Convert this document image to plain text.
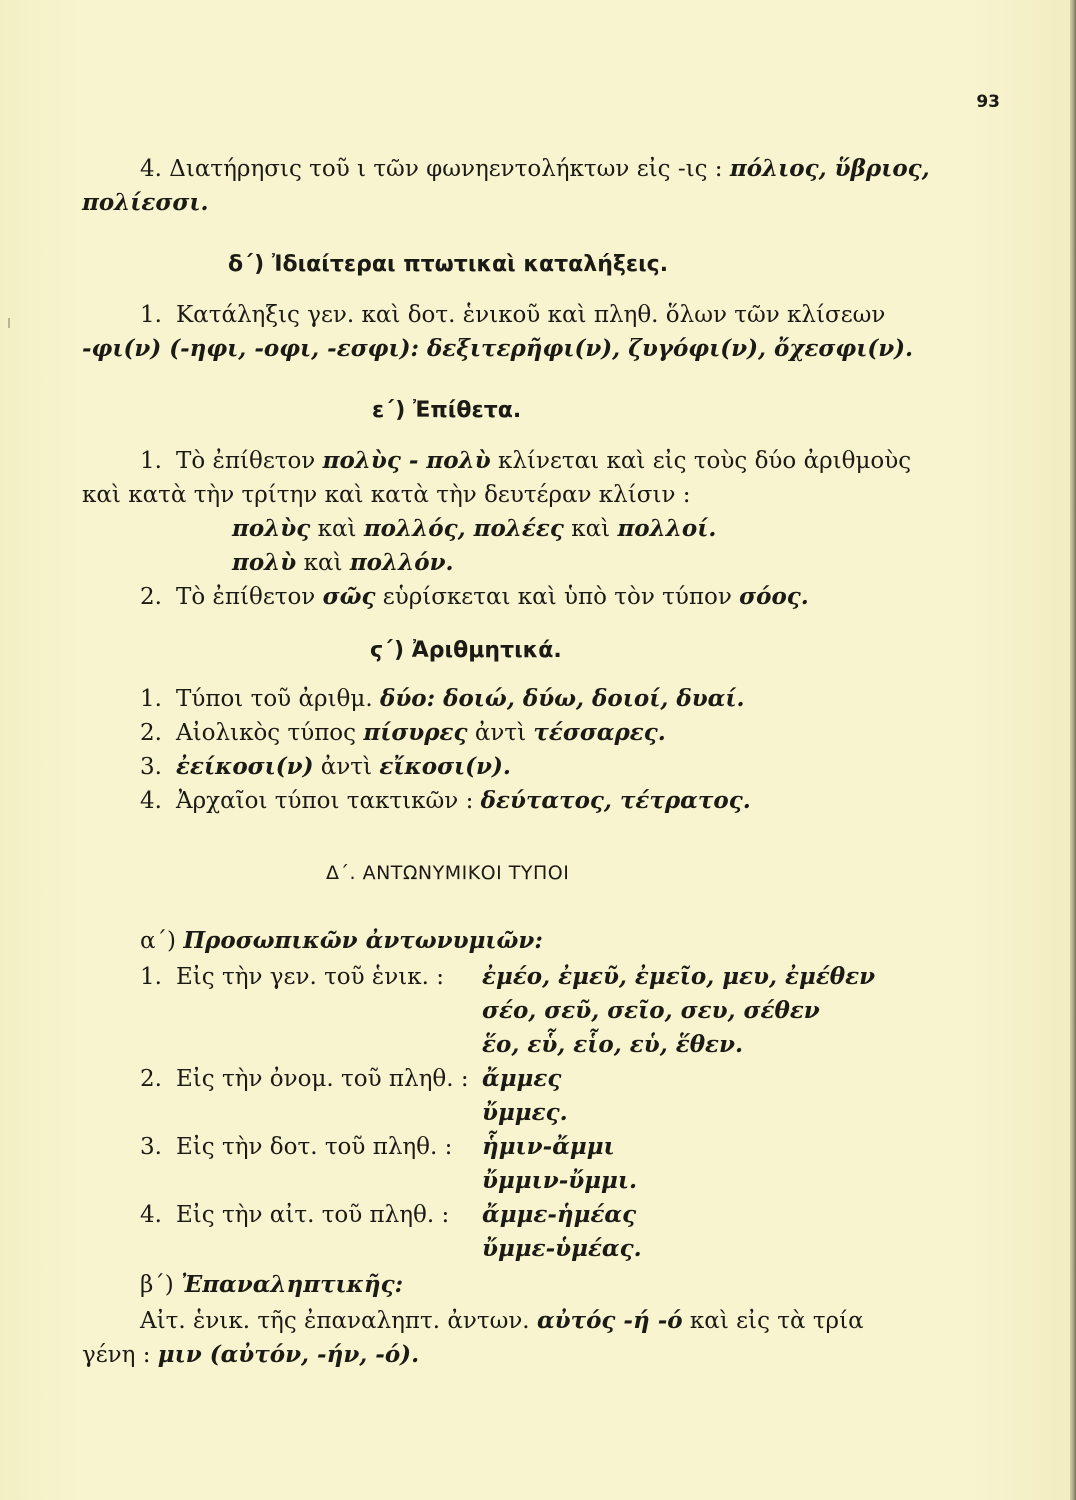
93
4. Διατήρησις τοῦ ι τῶν φωνηεντολήκτων εἰς -ις : πόλιος, ὕβριος,
πολίεσσι.
δ´) Ἰδιαίτεραι πτωτικαὶ καταλήξεις.
1. Κατάληξις γεν. καὶ δοτ. ἑνικοῦ καὶ πληθ. ὅλων τῶν κλίσεων
-φι(ν) (-ηφι, -οφι, -εσφι): δεξιτερῆφι(ν), ζυγόφι(ν), ὄχεσφι(ν).
ε´) Ἐπίθετα.
1. Τὸ ἐπίθετον πολὺς - πολὺ κλίνεται καὶ εἰς τοὺς δύο ἀριθμοὺς
καὶ κατὰ τὴν τρίτην καὶ κατὰ τὴν δευτέραν κλίσιν :
πολὺς καὶ πολλός, πολέες καὶ πολλοί.
πολὺ καὶ πολλόν.
2. Τὸ ἐπίθετον σῶς εὑρίσκεται καὶ ὑπὸ τὸν τύπον σόος.
ϛ´) Ἀριθμητικά.
1. Τύποι τοῦ ἀριθμ. δύο: δοιώ, δύω, δοιοί, δυαί.
2. Αἰολικὸς τύπος πίσυρες ἀντὶ τέσσαρες.
3. ἐείκοσι(ν) ἀντὶ εἴκοσι(ν).
4. Ἀρχαῖοι τύποι τακτικῶν : δεύτατος, τέτρατος.
Δ´. ΑΝΤΩΝΥΜΙΚΟΙ ΤΥΠΟΙ
α´) Προσωπικῶν ἀντωνυμιῶν:
1. Εἰς τὴν γεν. τοῦ ἑνικ. : ἐμέο, ἐμεῦ, ἐμεῖο, μευ, ἐμέθεν
σέο, σεῦ, σεῖο, σευ, σέθεν
ἕο, εὗ, εἷο, εὑ, ἕθεν.
2. Εἰς τὴν ὀνομ. τοῦ πληθ. : ἄμμες
ὔμμες.
3. Εἰς τὴν δοτ. τοῦ πληθ. : ἧμιν-ἄμμι
ὔμμιν-ὔμμι.
4. Εἰς τὴν αἰτ. τοῦ πληθ. : ἄμμε-ἡμέας
ὔμμε-ὑμέας.
β´) Ἐπαναληπτικῆς:
Αἰτ. ἑνικ. τῆς ἐπαναληπτ. ἀντων. αὐτός -ή -ό καὶ εἰς τὰ τρία
γένη : μιν (αὐτόν, -ήν, -ό).
